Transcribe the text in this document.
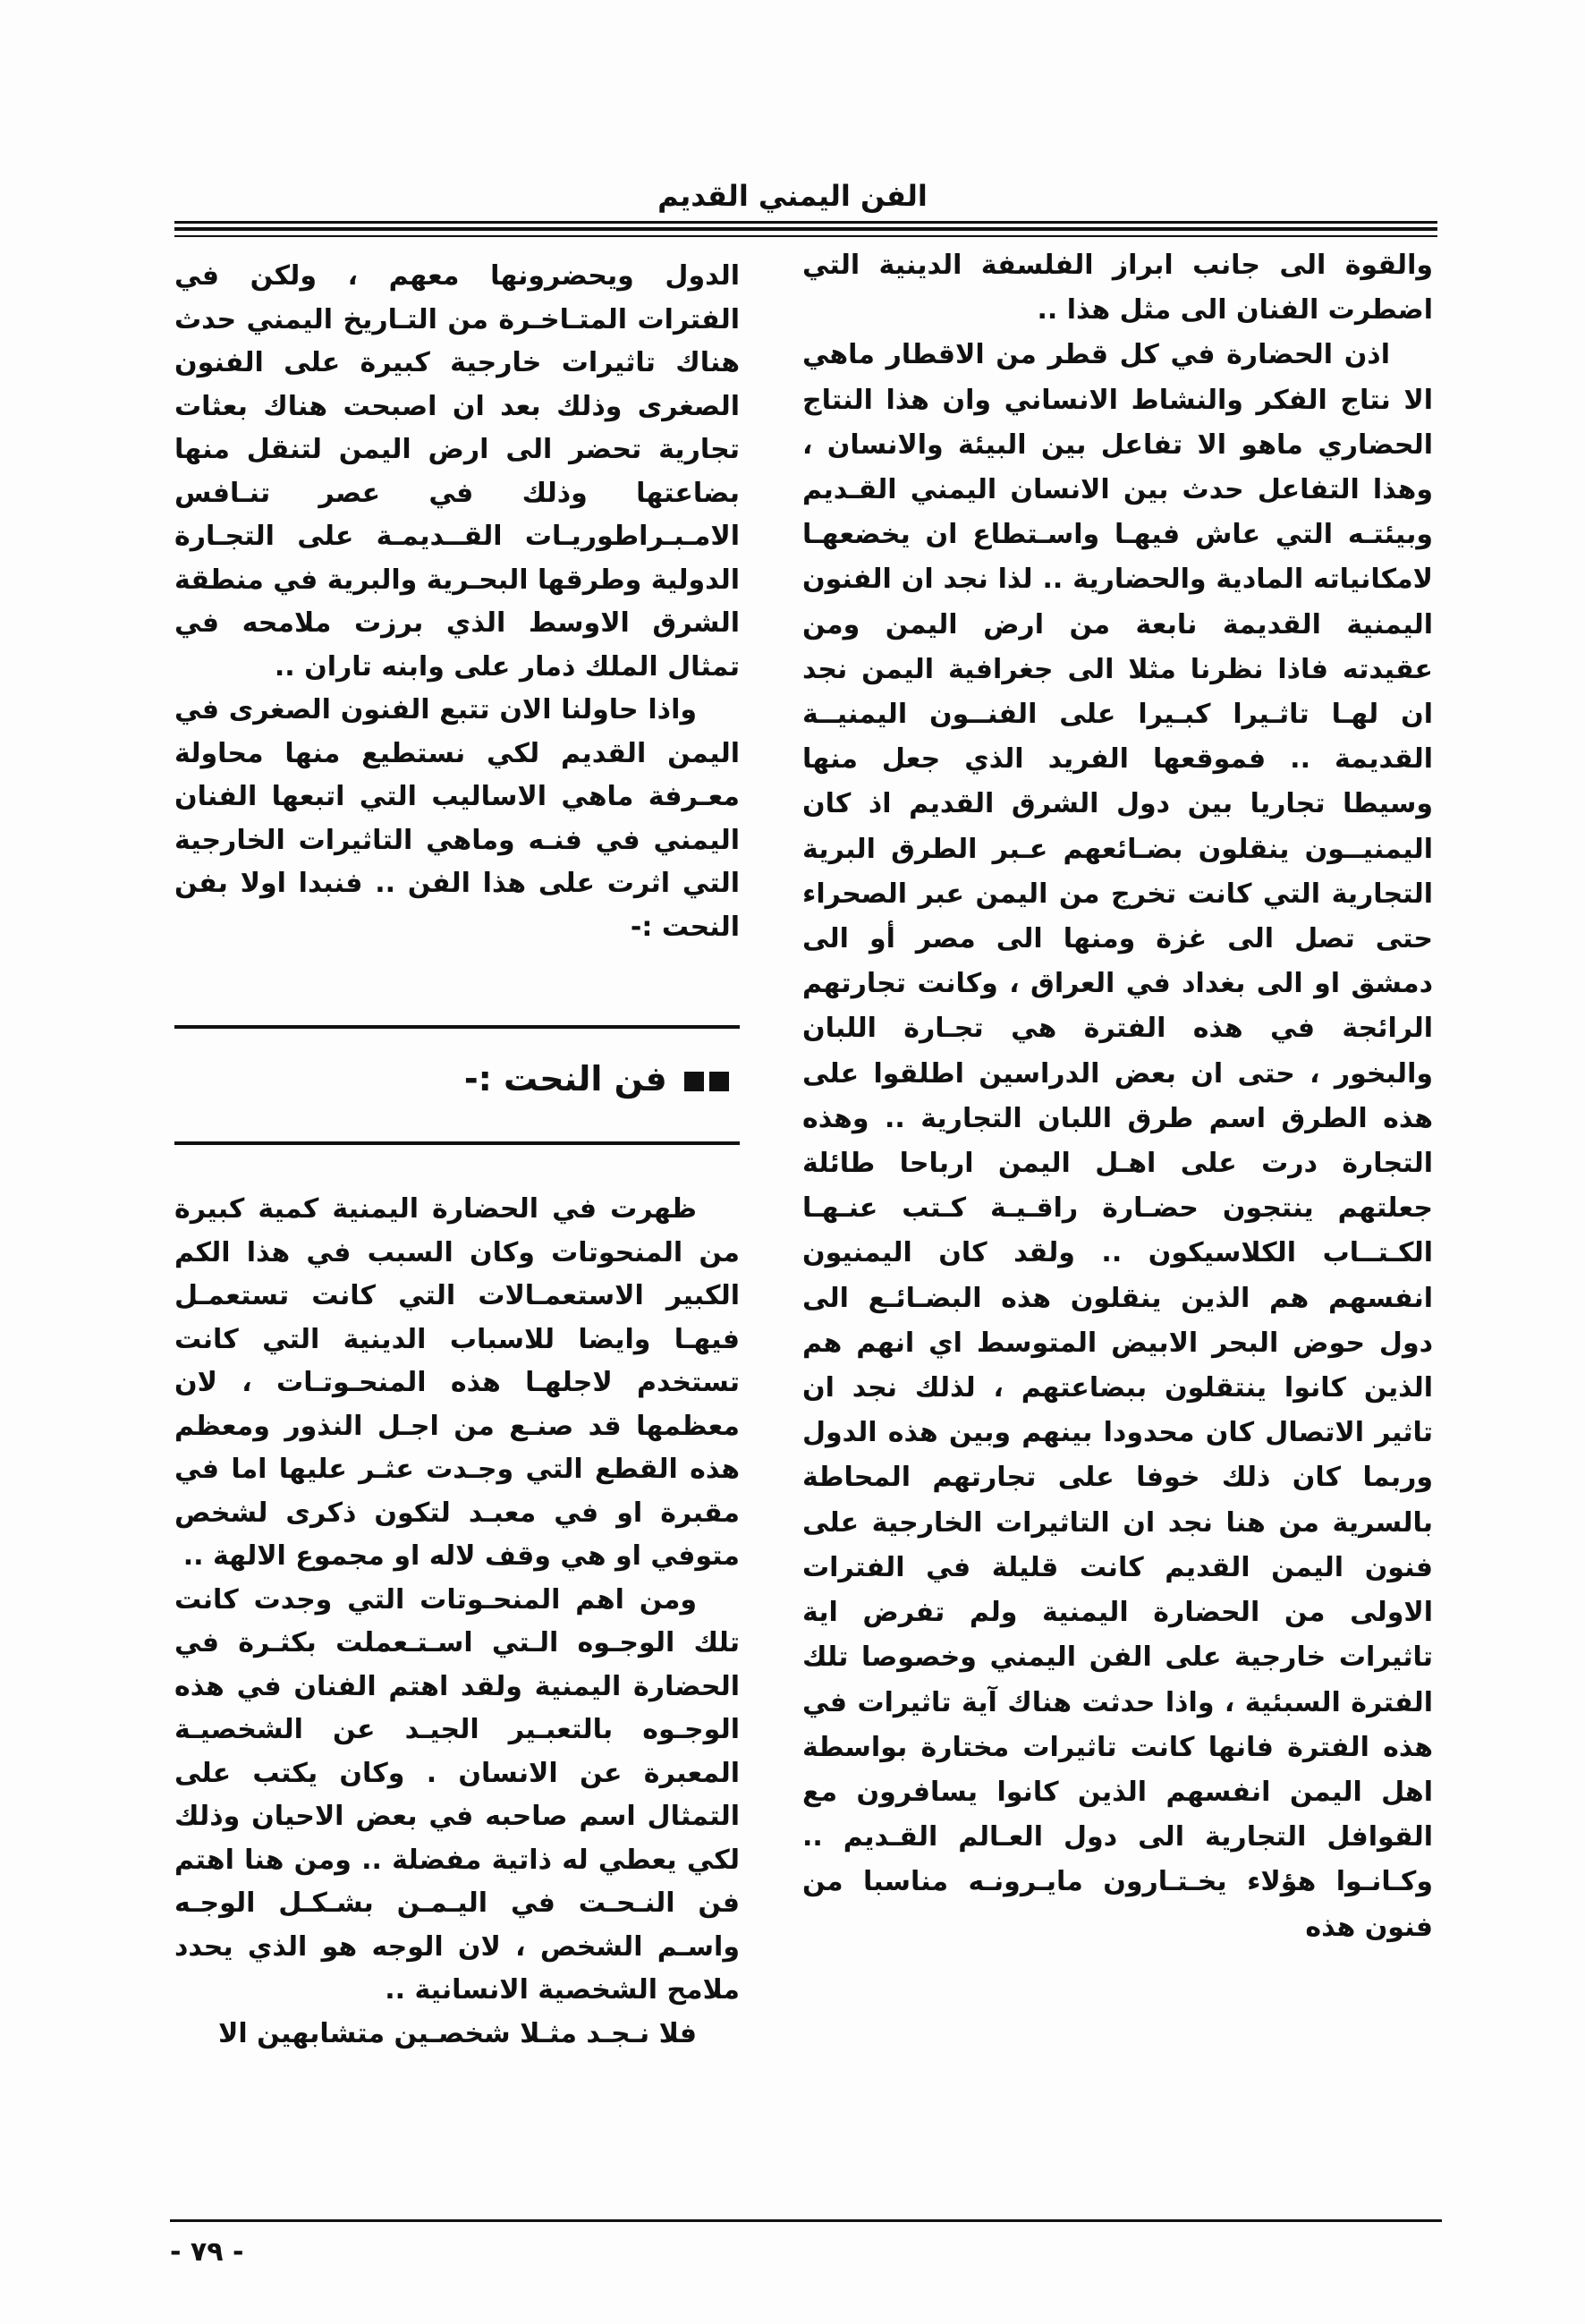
الفن اليمني القديم

والقوة الى جانب ابراز الفلسفة الدينية التي اضطرت الفنان الى مثل هذا ..

اذن الحضارة في كل قطر من الاقطار ماهي الا نتاج الفكر والنشاط الانساني وان هذا النتاج الحضاري ماهو الا تفاعل بين البيئة والانسان ، وهذا التفاعل حدث بين الانسان اليمني القـديم وبيئتـه التي عاش فيهـا واسـتطاع ان يخضعهـا لامكانياته المادية والحضارية .. لذا نجد ان الفنون اليمنية القديمة نابعة من ارض اليمن ومن عقيدته فاذا نظرنا مثلا الى جغرافية اليمن نجد ان لهـا تاثـيرا كبـيرا على الفنــون اليمنيــة القديمة .. فموقعها الفريد الذي جعل منها وسيطا تجاريا بين دول الشرق القديم اذ كان اليمنيــون ينقلون بضـائعهم عـبر الطرق البرية التجارية التي كانت تخرج من اليمن عبر الصحراء حتى تصل الى غزة ومنها الى مصر أو الى دمشق او الى بغداد في العراق ، وكانت تجارتهم الرائجة في هذه الفترة هي تجـارة اللبان والبخور ، حتى ان بعض الدراسين اطلقوا على هذه الطرق اسم طرق اللبان التجارية .. وهذه التجارة درت على اهـل اليمن ارباحا طائلة جعلتهم ينتجون حضـارة راقـيـة كـتب عنـهـا الكـتــاب الكلاسيكون .. ولقد كان اليمنيون انفسهم هم الذين ينقلون هذه البضـائـع الى دول حوض البحر الابيض المتوسط اي انهم هم الذين كانوا ينتقلون ببضاعتهم ، لذلك نجد ان تاثير الاتصال كان محدودا بينهم وبين هذه الدول وربما كان ذلك خوفا على تجارتهم المحاطة بالسرية من هنا نجد ان التاثيرات الخارجية على فنون اليمن القديم كانت قليلة في الفترات الاولى من الحضارة اليمنية ولم تفرض اية تاثيرات خارجية على الفن اليمني وخصوصا تلك الفترة السبئية ، واذا حدثت هناك آية تاثيرات في هذه الفترة فانها كانت تاثيرات مختارة بواسطة اهل اليمن انفسهم الذين كانوا يسافرون مع القوافل التجارية الى دول العـالم القـديم .. وكـانـوا هؤلاء يخـتـارون مايـرونـه مناسبا من فنون هذه

الدول ويحضرونها معهم ، ولكن في الفترات المتـاخـرة من التـاريخ اليمني حدث هناك تاثيرات خارجية كبيرة على الفنون الصغرى وذلك بعد ان اصبحت هناك بعثات تجارية تحضر الى ارض اليمن لتنقل منها بضاعتها وذلك في عصر تنـافس الامـبـراطوريـات القــديمـة على التجـارة الدولية وطرقها البحـرية والبرية في منطقة الشرق الاوسط الذي برزت ملامحه في تمثال الملك ذمار على وابنه تاران ..

واذا حاولنا الان تتبع الفنون الصغرى في اليمن القديم لكي نستطيع منها محاولة معـرفة ماهي الاساليب التي اتبعها الفنان اليمني في فنـه وماهي التاثيرات الخارجية التي اثرت على هذا الفن .. فنبدا اولا بفن النحت :-

فن النحت :-

ظهرت في الحضارة اليمنية كمية كبيرة من المنحوتات وكان السبب في هذا الكم الكبير الاستعمـالات التي كانت تستعمـل فيهـا وايضا للاسباب الدينية التي كانت تستخدم لاجلهـا هذه المنحـوتـات ، لان معظمها قد صنـع من اجـل النذور ومعظم هذه القطع التي وجـدت عثـر عليها اما في مقبرة او في معبـد لتكون ذكرى لشخص متوفي او هي وقف لاله او مجموع الالهة ..

ومن اهم المنحـوتات التي وجدت كانت تلك الوجـوه الـتي اسـتـعملت بكثـرة في الحضارة اليمنية ولقد اهتم الفنان في هذه الوجـوه بالتعبـير الجيـد عن الشخصيـة المعبرة عن الانسان . وكان يكتب على التمثال اسم صاحبه في بعض الاحيان وذلك لكي يعطي له ذاتية مفضلة .. ومن هنا اهتم فن النـحـت في اليـمـن بشـكـل الوجـه واسـم الشخص ، لان الوجه هو الذي يحدد ملامح الشخصية الانسانية ..

فلا نـجـد مثـلا شخصـين متشابهين الا

- ٧٩ -
